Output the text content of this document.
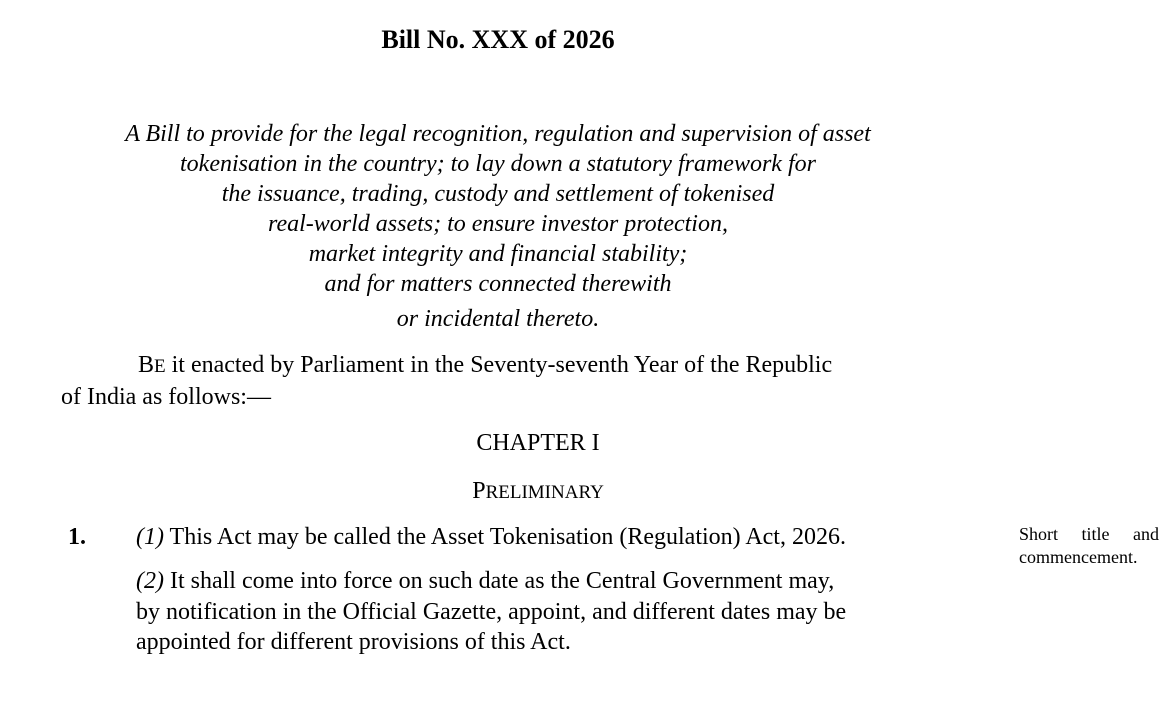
Bill No. XXX of 2026
A Bill to provide for the legal recognition, regulation and supervision of asset
tokenisation in the country; to lay down a statutory framework for
the issuance, trading, custody and settlement of tokenised
real-world assets; to ensure investor protection,
market integrity and financial stability;
and for matters connected therewith
or incidental thereto.
BE it enacted by Parliament in the Seventy-seventh Year of the Republic
of India as follows:—
CHAPTER I
PRELIMINARY
1. (1) This Act may be called the Asset Tokenisation (Regulation) Act, 2026.
(2) It shall come into force on such date as the Central Government may,
by notification in the Official Gazette, appoint, and different dates may be
appointed for different provisions of this Act.
Short title and
commencement.
